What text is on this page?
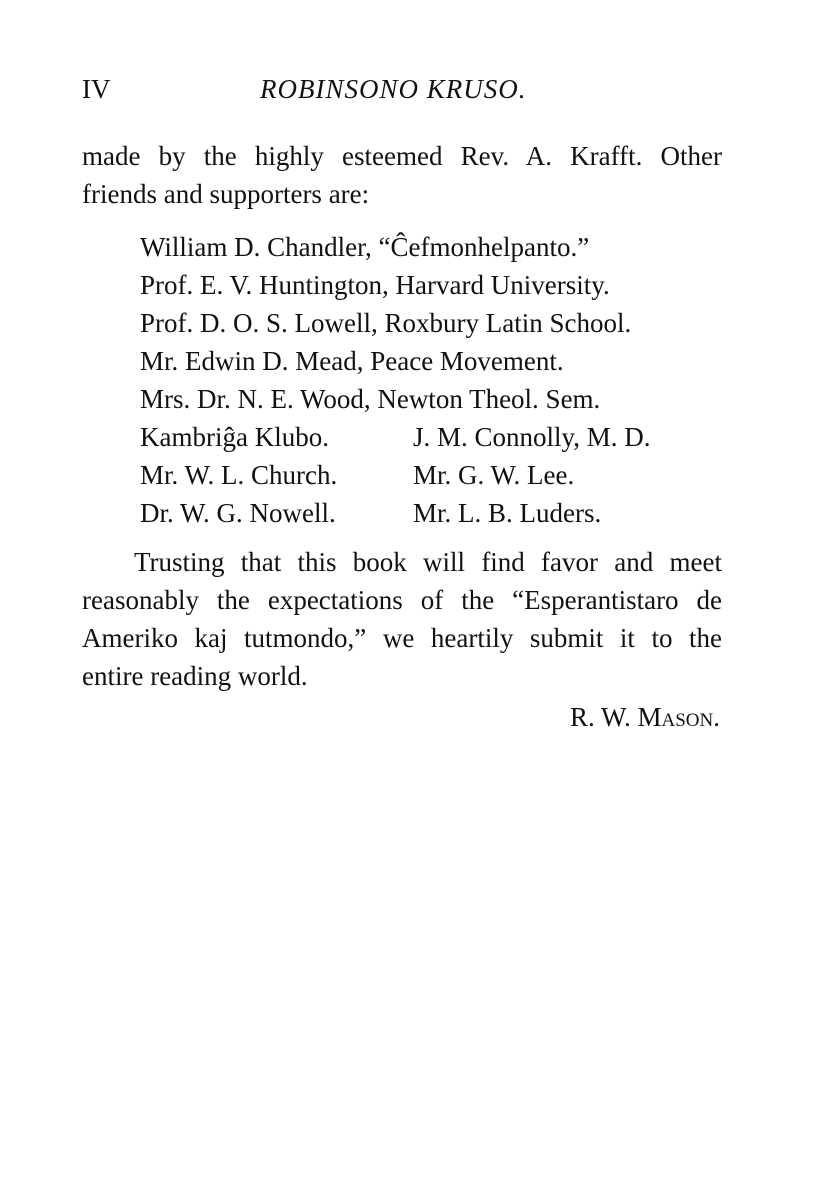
IV	ROBINSONO KRUSO.

made by the highly esteemed Rev. A. Krafft. Other
friends and supporters are:

William D. Chandler, “Ĉefmonhelpanto.”
Prof. E. V. Huntington, Harvard University.
Prof. D. O. S. Lowell, Roxbury Latin School.
Mr. Edwin D. Mead, Peace Movement.
Mrs. Dr. N. E. Wood, Newton Theol. Sem.
Kambriĝa Klubo.	J. M. Connolly, M. D.
Mr. W. L. Church.	Mr. G. W. Lee.
Dr. W. G. Nowell.	Mr. L. B. Luders.

Trusting that this book will find favor and meet
reasonably the expectations of the “Esperantistaro de
Ameriko kaj tutmondo,” we heartily submit it to the
entire reading world.

R. W. Mason.
